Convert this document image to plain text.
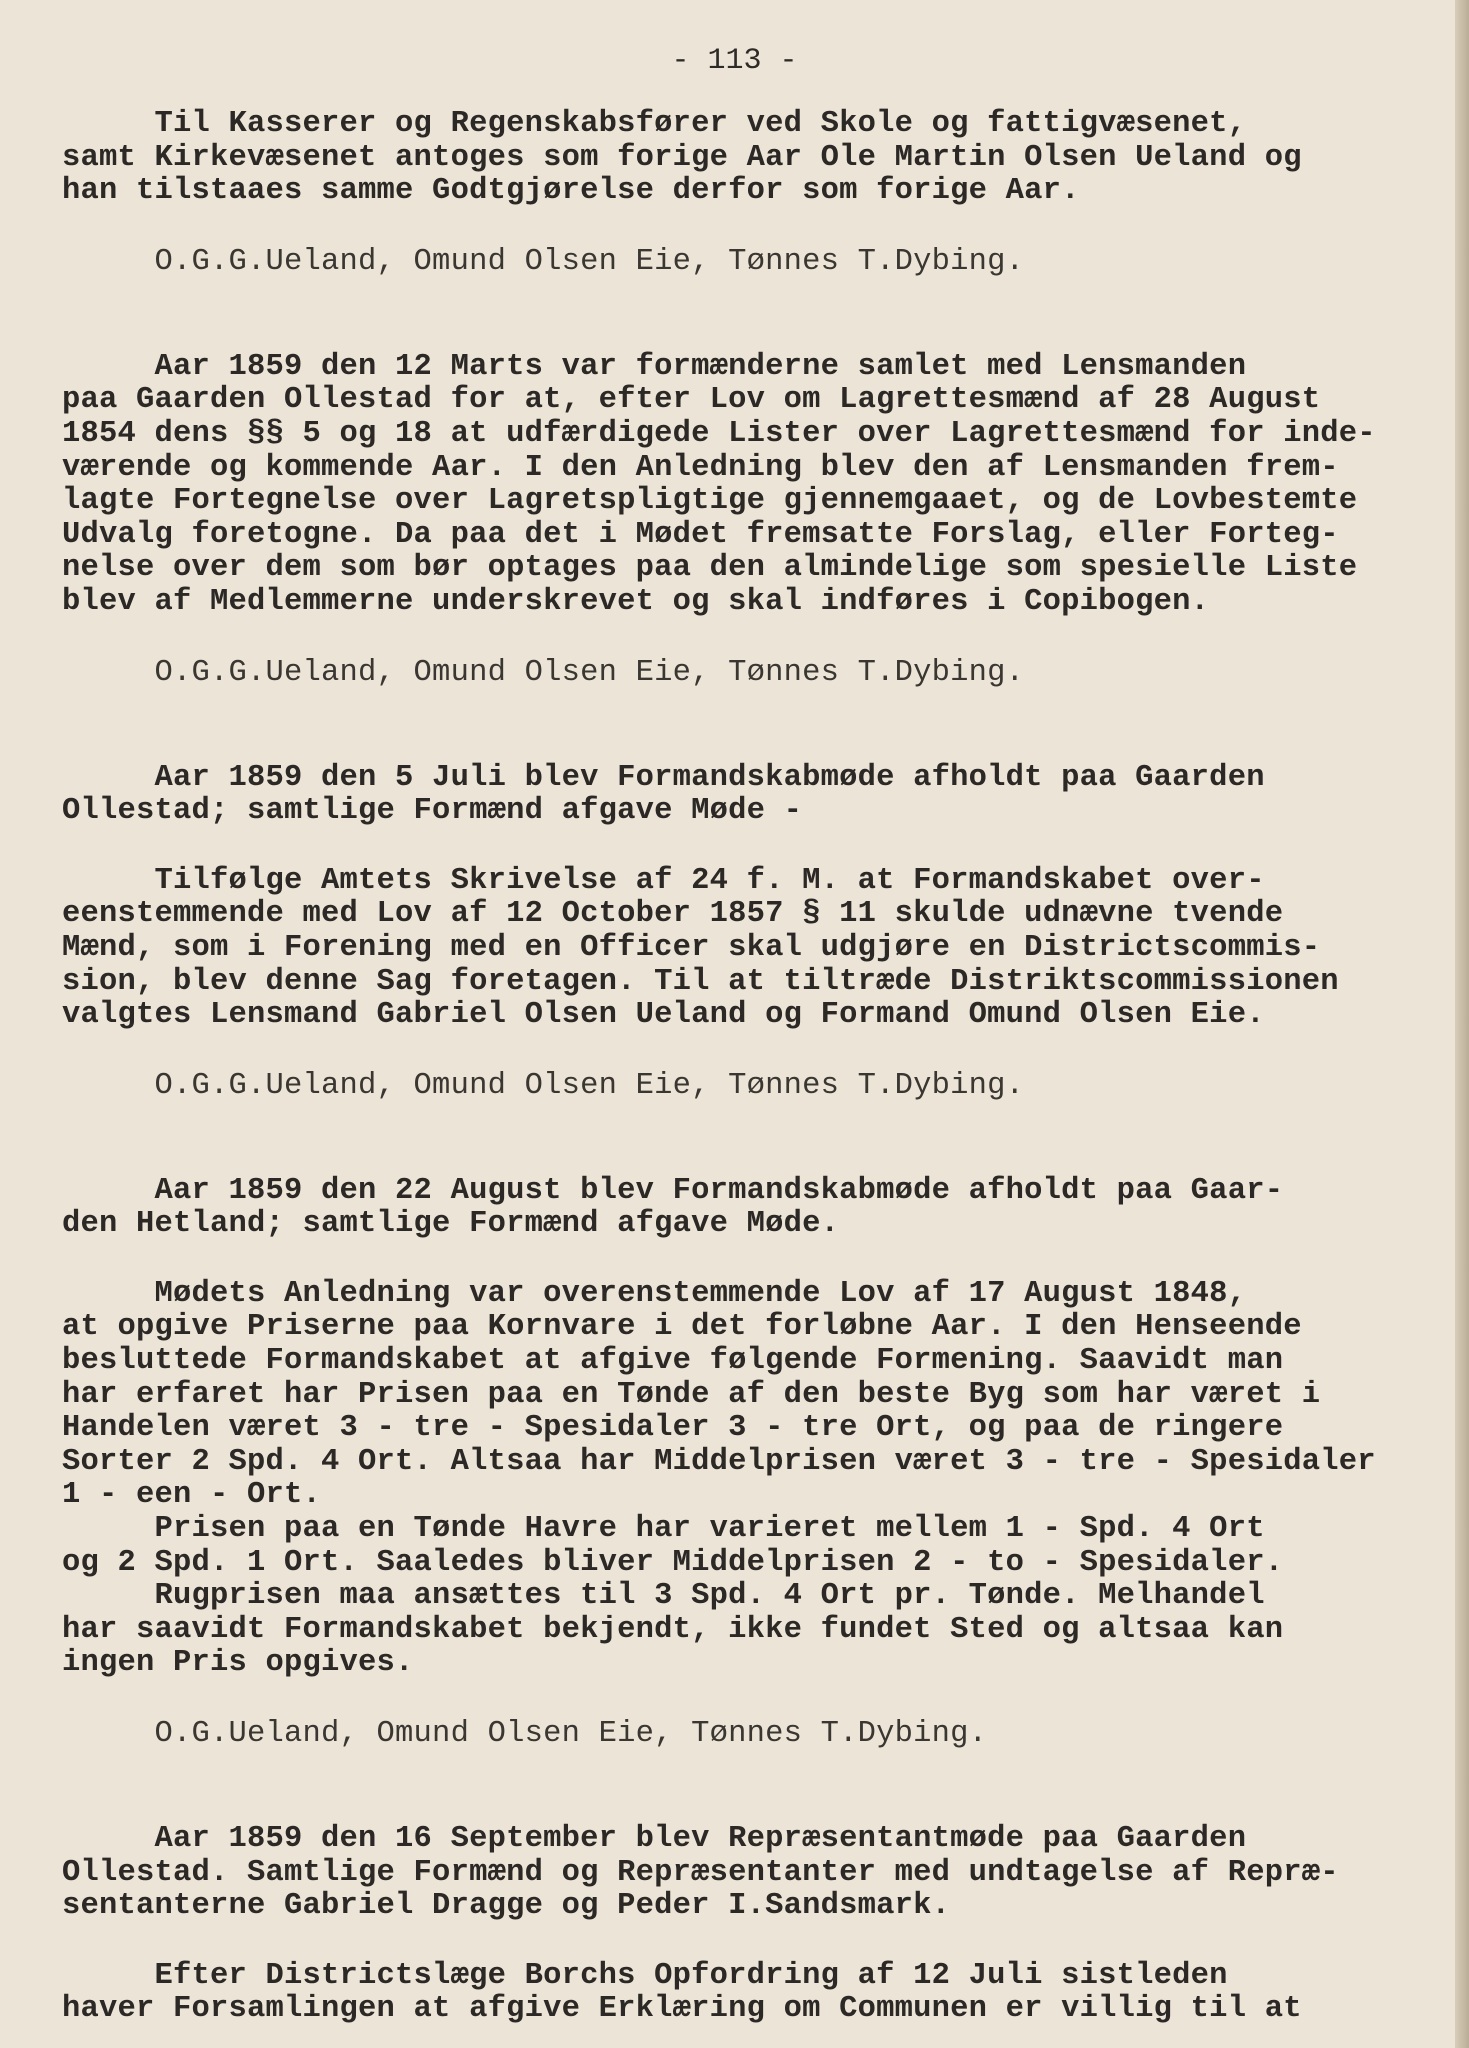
- 113 -
Til Kasserer og Regenskabsfører ved Skole og fattigvæsenet,
samt Kirkevæsenet antoges som forige Aar Ole Martin Olsen Ueland og
han tilstaaes samme Godtgjørelse derfor som forige Aar.
O.G.G.Ueland, Omund Olsen Eie, Tønnes T.Dybing.
Aar 1859 den 12 Marts var formænderne samlet med Lensmanden
paa Gaarden Ollestad for at, efter Lov om Lagrettesmænd af 28 August
1854 dens §§ 5 og 18 at udfærdigede Lister over Lagrettesmænd for inde-
værende og kommende Aar. I den Anledning blev den af Lensmanden frem-
lagte Fortegnelse over Lagretspligtige gjennemgaaet, og de Lovbestemte
Udvalg foretogne. Da paa det i Mødet fremsatte Forslag, eller Forteg-
nelse over dem som bør optages paa den almindelige som spesielle Liste
blev af Medlemmerne underskrevet og skal indføres i Copibogen.
O.G.G.Ueland, Omund Olsen Eie, Tønnes T.Dybing.
Aar 1859 den 5 Juli blev Formandskabmøde afholdt paa Gaarden
Ollestad; samtlige Formænd afgave Møde -
Tilfølge Amtets Skrivelse af 24 f. M. at Formandskabet over-
eenstemmende med Lov af 12 October 1857 § 11 skulde udnævne tvende
Mænd, som i Forening med en Officer skal udgjøre en Districtscommis-
sion, blev denne Sag foretagen. Til at tiltræde Distriktscommissionen
valgtes Lensmand Gabriel Olsen Ueland og Formand Omund Olsen Eie.
O.G.G.Ueland, Omund Olsen Eie, Tønnes T.Dybing.
Aar 1859 den 22 August blev Formandskabmøde afholdt paa Gaar-
den Hetland; samtlige Formænd afgave Møde.
Mødets Anledning var overenstemmende Lov af 17 August 1848,
at opgive Priserne paa Kornvare i det forløbne Aar. I den Henseende
besluttede Formandskabet at afgive følgende Formening. Saavidt man
har erfaret har Prisen paa en Tønde af den beste Byg som har været i
Handelen været 3 - tre - Spesidaler 3 - tre Ort, og paa de ringere
Sorter 2 Spd. 4 Ort. Altsaa har Middelprisen været 3 - tre - Spesidaler
1 - een - Ort.
Prisen paa en Tønde Havre har varieret mellem 1 - Spd. 4 Ort
og 2 Spd. 1 Ort. Saaledes bliver Middelprisen 2 - to - Spesidaler.
Rugprisen maa ansættes til 3 Spd. 4 Ort pr. Tønde. Melhandel
har saavidt Formandskabet bekjendt, ikke fundet Sted og altsaa kan
ingen Pris opgives.
O.G.Ueland, Omund Olsen Eie, Tønnes T.Dybing.
Aar 1859 den 16 September blev Repræsentantmøde paa Gaarden
Ollestad. Samtlige Formænd og Repræsentanter med undtagelse af Repræ-
sentanterne Gabriel Dragge og Peder I.Sandsmark.
Efter Districtslæge Borchs Opfordring af 12 Juli sistleden
haver Forsamlingen at afgive Erklæring om Communen er villig til at
